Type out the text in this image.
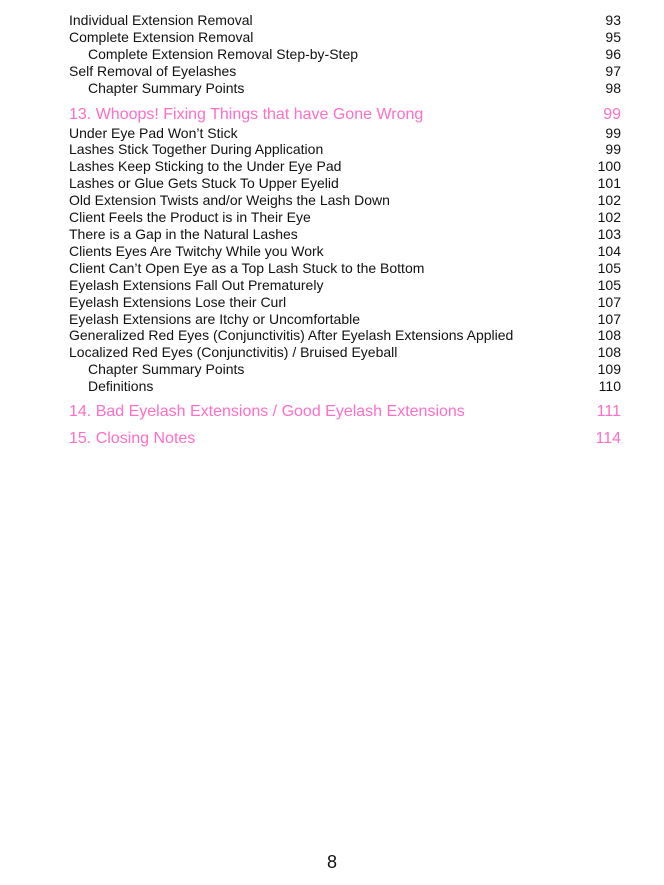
Individual Extension Removal	93
Complete Extension Removal	95
Complete Extension Removal Step-by-Step	96
Self Removal of Eyelashes	97
Chapter Summary Points	98
13. Whoops! Fixing Things that have Gone Wrong	99
Under Eye Pad Won’t Stick	99
Lashes Stick Together During Application	99
Lashes Keep Sticking to the Under Eye Pad	100
Lashes or Glue Gets Stuck To Upper Eyelid	101
Old Extension Twists and/or Weighs the Lash Down	102
Client Feels the Product is in Their Eye	102
There is a Gap in the Natural Lashes	103
Clients Eyes Are Twitchy While you Work	104
Client Can’t Open Eye as a Top Lash Stuck to the Bottom	105
Eyelash Extensions Fall Out Prematurely	105
Eyelash Extensions Lose their Curl	107
Eyelash Extensions are Itchy or Uncomfortable	107
Generalized Red Eyes (Conjunctivitis) After Eyelash Extensions Applied	108
Localized Red Eyes (Conjunctivitis) / Bruised Eyeball	108
Chapter Summary Points	109
Definitions	110
14. Bad Eyelash Extensions / Good Eyelash Extensions	111
15. Closing Notes	114
8
